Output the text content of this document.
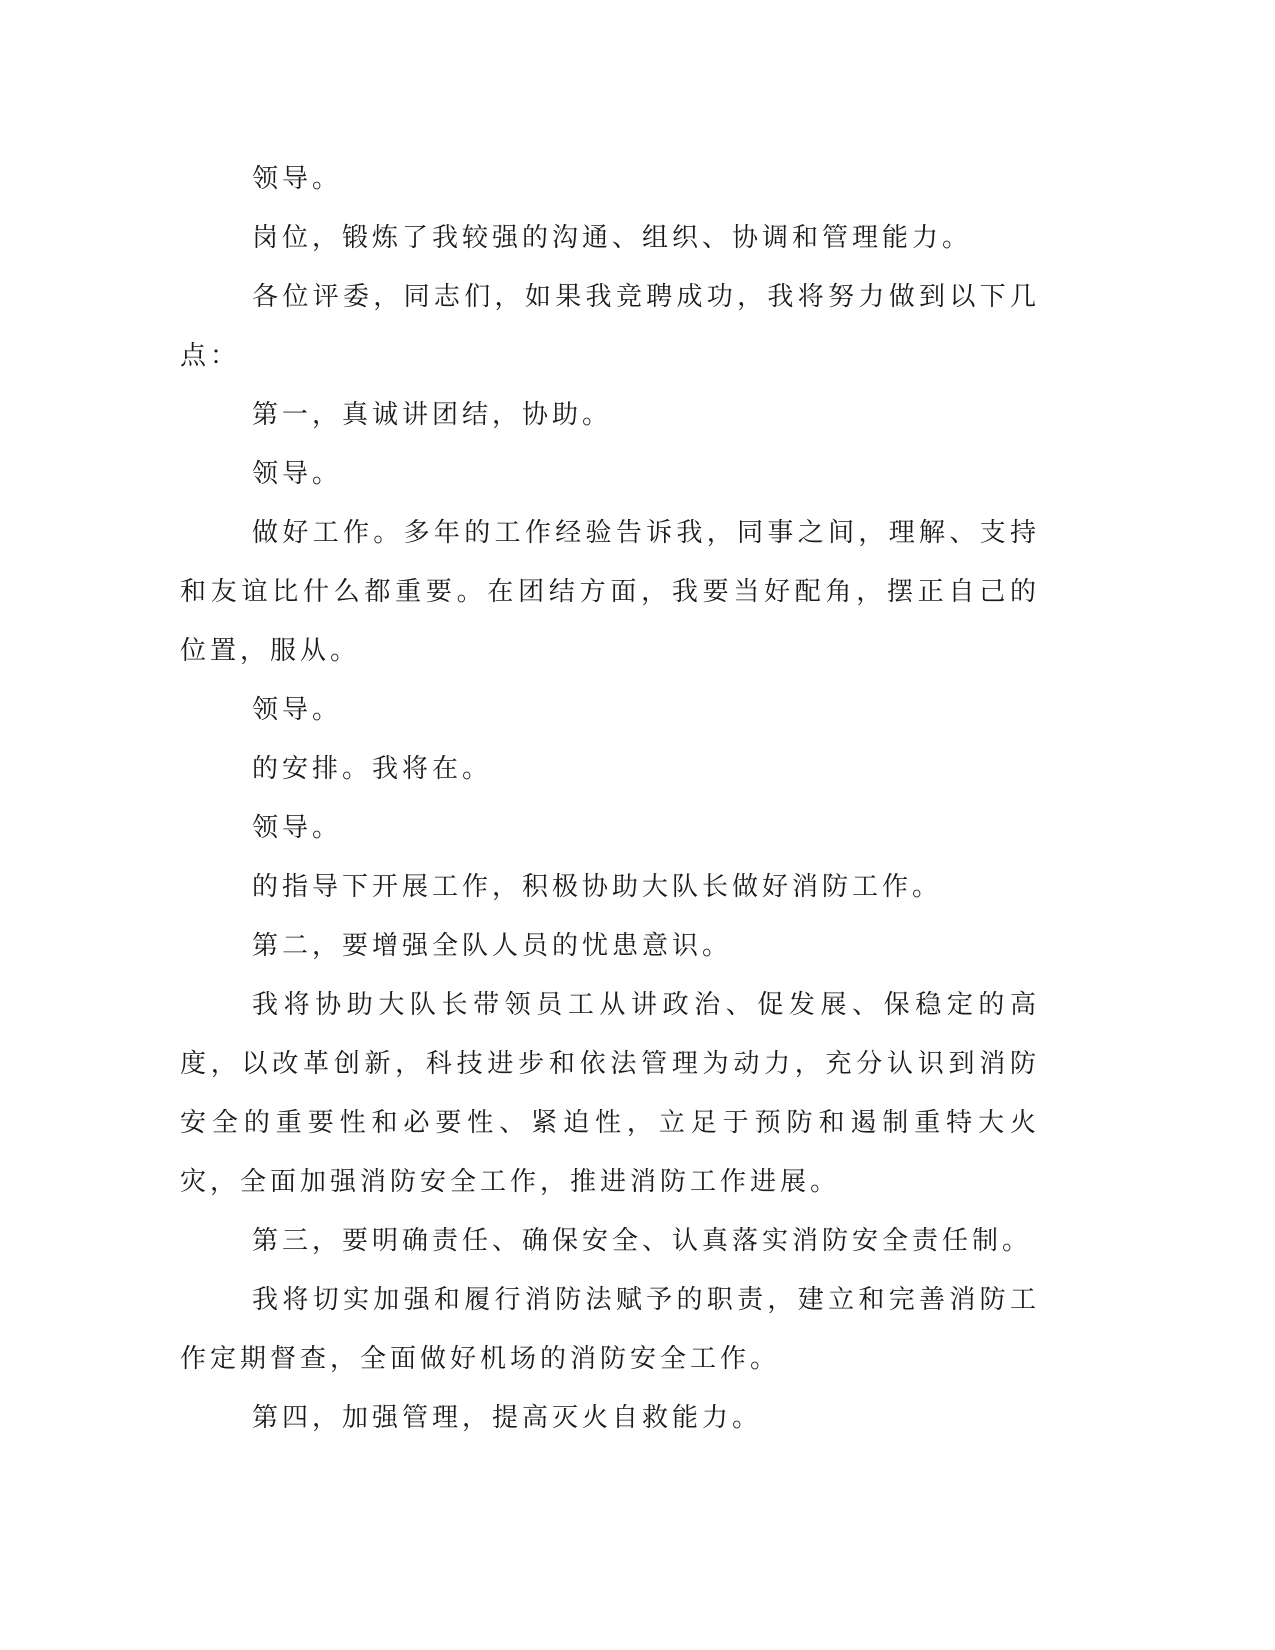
领导。

岗位，锻炼了我较强的沟通、组织、协调和管理能力。

各位评委，同志们，如果我竞聘成功，我将努力做到以下几点：

第一，真诚讲团结，协助。

领导。

做好工作。多年的工作经验告诉我，同事之间，理解、支持和友谊比什么都重要。在团结方面，我要当好配角，摆正自己的位置，服从。

领导。

的安排。我将在。

领导。

的指导下开展工作，积极协助大队长做好消防工作。

第二，要增强全队人员的忧患意识。

我将协助大队长带领员工从讲政治、促发展、保稳定的高度，以改革创新，科技进步和依法管理为动力，充分认识到消防安全的重要性和必要性、紧迫性，立足于预防和遏制重特大火灾，全面加强消防安全工作，推进消防工作进展。

第三，要明确责任、确保安全、认真落实消防安全责任制。

我将切实加强和履行消防法赋予的职责，建立和完善消防工作定期督查，全面做好机场的消防安全工作。

第四，加强管理，提高灭火自救能力。
